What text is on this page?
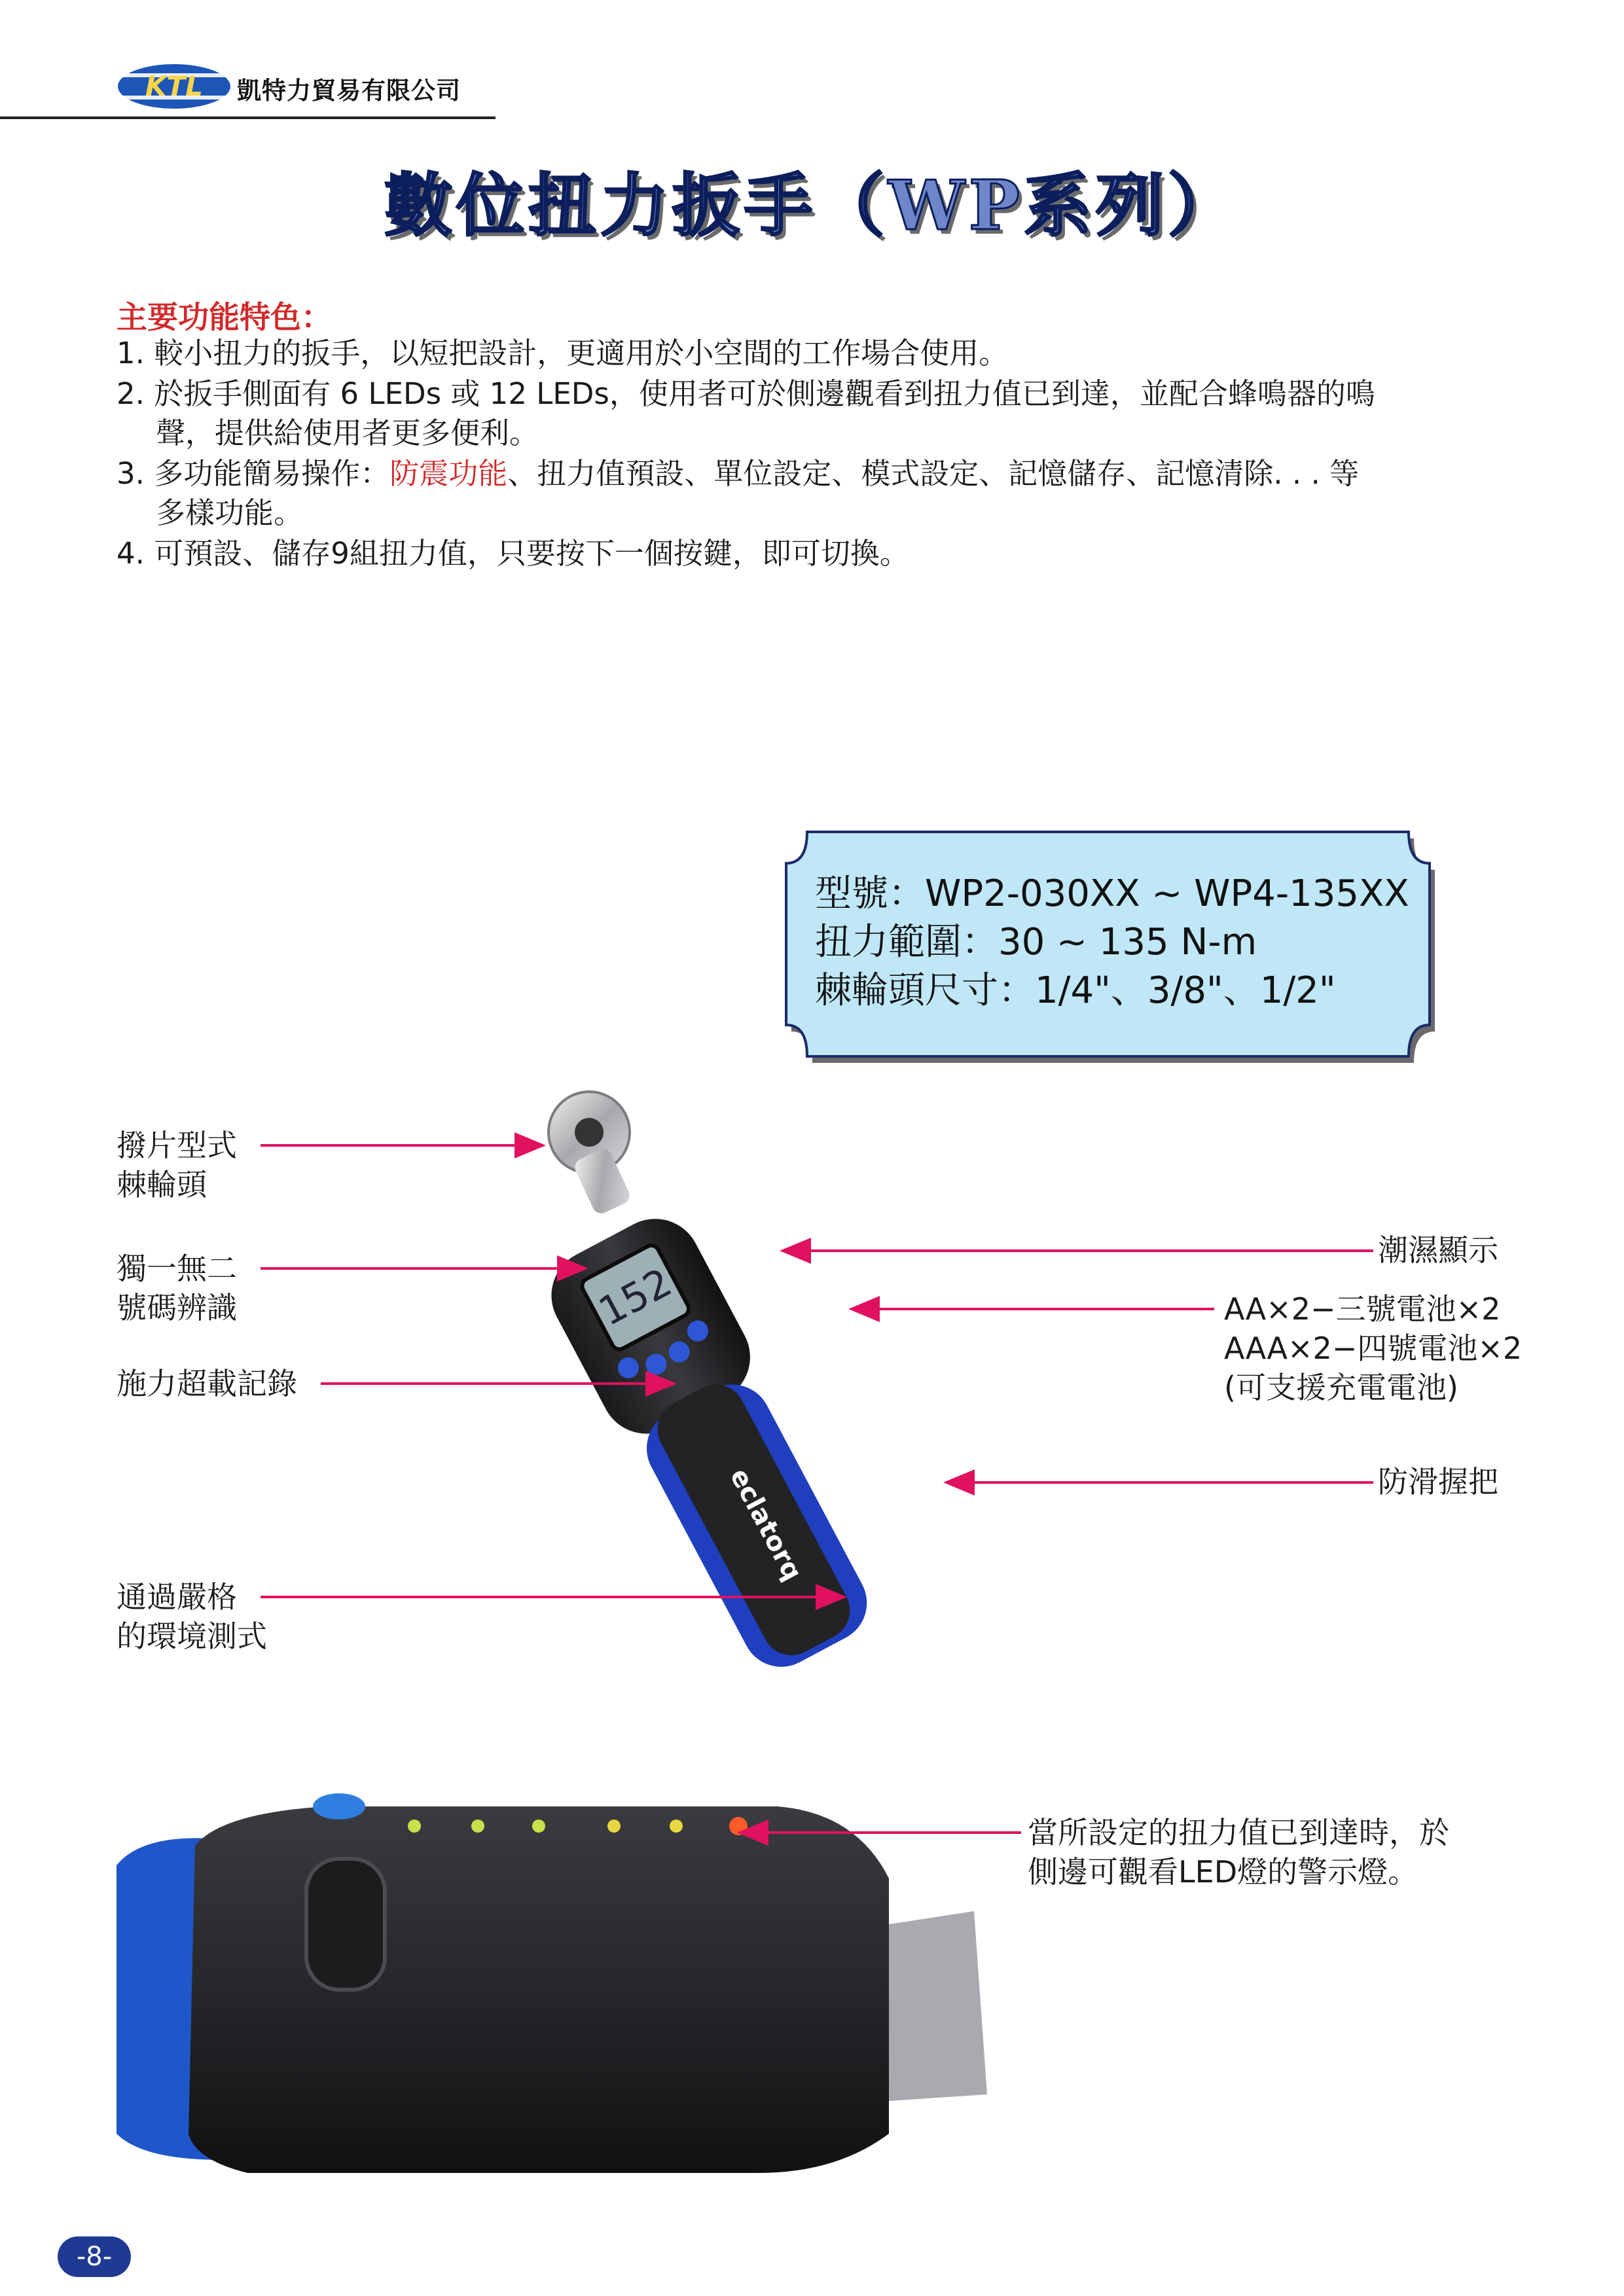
KTL 凱特力貿易有限公司
數位扭力扳手（WP系列）
主要功能特色：
1. 較小扭力的扳手，以短把設計，更適用於小空間的工作場合使用。
2. 於扳手側面有 6 LEDs 或 12 LEDs，使用者可於側邊觀看到扭力值已到達，並配合蜂鳴器的鳴
聲，提供給使用者更多便利。
3. 多功能簡易操作：防震功能、扭力值預設、單位設定、模式設定、記憶儲存、記憶清除. . . 等
多樣功能。
4. 可預設、儲存9組扭力值，只要按下一個按鍵，即可切換。
型號：WP2-030XX ~ WP4-135XX
扭力範圍：30 ~ 135 N-m
棘輪頭尺寸：1/4"、3/8"、1/2"
152
eclatorq
撥片型式
棘輪頭
獨一無二
號碼辨識
施力超載記錄
通過嚴格
的環境測式
潮濕顯示
AA×2−三號電池×2
AAA×2−四號電池×2
(可支援充電電池)
防滑握把
當所設定的扭力值已到達時，於
側邊可觀看LED燈的警示燈。
-8-
